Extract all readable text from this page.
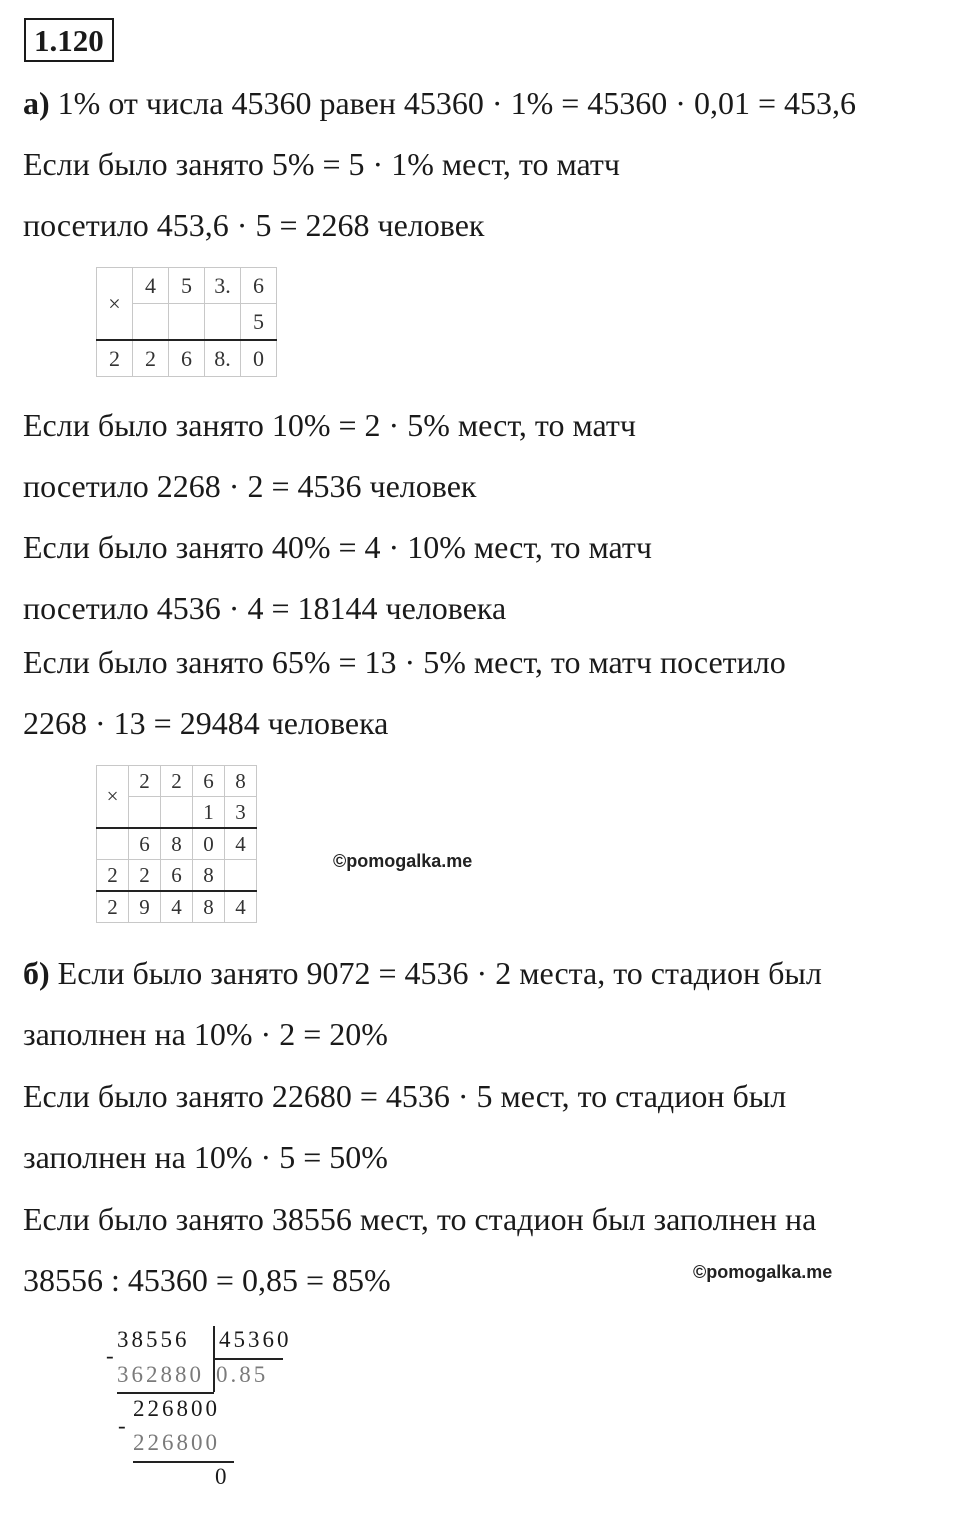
1.120
а) 1% от числа 45360 равен 45360 · 1% = 45360 · 0,01 = 453,6
Если было занято 5% = 5 · 1% мест, то матч
посетило 453,6 · 5 = 2268 человек
×	4	5	3.	6
				5
2	2	6	8.	0
Если было занято 10% = 2 · 5% мест, то матч
посетило 2268 · 2 = 4536 человек
Если было занято 40% = 4 · 10% мест, то матч
посетило 4536 · 4 = 18144 человека
Если было занято 65% = 13 · 5% мест, то матч посетило
2268 · 13 = 29484 человека
×	2	2	6	8
			1	3
	6	8	0	4
2	2	6	8	
2	9	4	8	4
©pomogalka.me
б) Если было занято 9072 = 4536 · 2 места, то стадион был
заполнен на 10% · 2 = 20%
Если было занято 22680 = 4536 · 5 мест, то стадион был
заполнен на 10% · 5 = 50%
Если было занято 38556 мест, то стадион был заполнен на
38556 : 45360 = 0,85 = 85%	©pomogalka.me
38556 45360
-
362880 0.85
226800
-
226800
0
